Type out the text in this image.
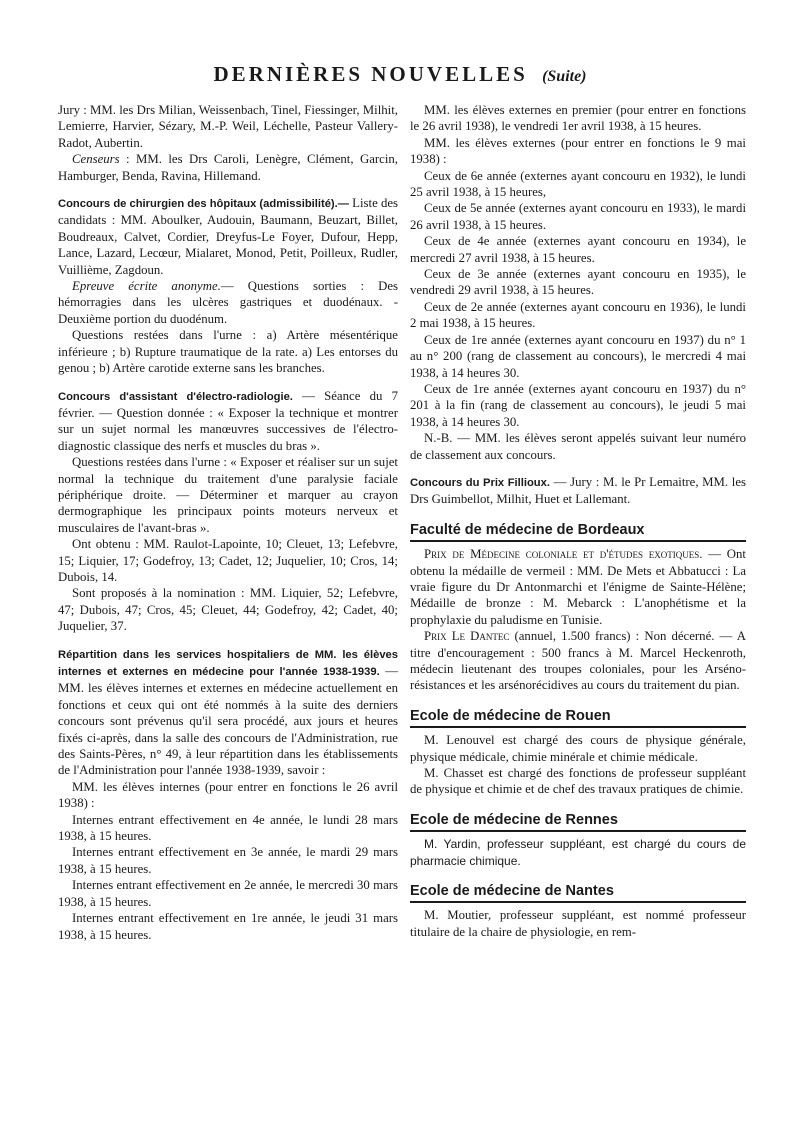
DERNIÈRES NOUVELLES (Suite)

Jury : MM. les Drs Milian, Weissenbach, Tinel, Fiessinger, Milhit, Lemierre, Harvier, Sézary, M.-P. Weil, Léchelle, Pasteur Vallery-Radot, Aubertin.

Censeurs : MM. les Drs Caroli, Lenègre, Clément, Garcin, Hamburger, Benda, Ravina, Hillemand.

Concours de chirurgien des hôpitaux (admissibilité).— Liste des candidats : MM. Aboulker, Audouin, Baumann, Beuzart, Billet, Boudreaux, Calvet, Cordier, Dreyfus-Le Foyer, Dufour, Hepp, Lance, Lazard, Lecœur, Mialaret, Monod, Petit, Poilleux, Rudler, Vuillième, Zagdoun.

Epreuve écrite anonyme.— Questions sorties : Des hémorragies dans les ulcères gastriques et duodénaux. - Deuxième portion du duodénum.

Questions restées dans l'urne : a) Artère mésentérique inférieure ; b) Rupture traumatique de la rate. a) Les entorses du genou ; b) Artère carotide externe sans les branches.

Concours d'assistant d'électro-radiologie. — Séance du 7 février. — Question donnée : « Exposer la technique et montrer sur un sujet normal les manœuvres successives de l'électro-diagnostic classique des nerfs et muscles du bras ».

Questions restées dans l'urne : « Exposer et réaliser sur un sujet normal la technique du traitement d'une paralysie faciale périphérique droite. — Déterminer et marquer au crayon dermographique les principaux points moteurs nerveux et musculaires de l'avant-bras ».

Ont obtenu : MM. Raulot-Lapointe, 10; Cleuet, 13; Lefebvre, 15; Liquier, 17; Godefroy, 13; Cadet, 12; Juquelier, 10; Cros, 14; Dubois, 14.

Sont proposés à la nomination : MM. Liquier, 52; Lefebvre, 47; Dubois, 47; Cros, 45; Cleuet, 44; Godefroy, 42; Cadet, 40; Juquelier, 37.

Répartition dans les services hospitaliers de MM. les élèves internes et externes en médecine pour l'année 1938-1939. — MM. les élèves internes et externes en médecine actuellement en fonctions et ceux qui ont été nommés à la suite des derniers concours sont prévenus qu'il sera procédé, aux jours et heures fixés ci-après, dans la salle des concours de l'Administration, rue des Saints-Pères, n° 49, à leur répartition dans les établissements de l'Administration pour l'année 1938-1939, savoir :

MM. les élèves internes (pour entrer en fonctions le 26 avril 1938) :

Internes entrant effectivement en 4e année, le lundi 28 mars 1938, à 15 heures.

Internes entrant effectivement en 3e année, le mardi 29 mars 1938, à 15 heures.

Internes entrant effectivement en 2e année, le mercredi 30 mars 1938, à 15 heures.

Internes entrant effectivement en 1re année, le jeudi 31 mars 1938, à 15 heures.

MM. les élèves externes en premier (pour entrer en fonctions le 26 avril 1938), le vendredi 1er avril 1938, à 15 heures.

MM. les élèves externes (pour entrer en fonctions le 9 mai 1938) :

Ceux de 6e année (externes ayant concouru en 1932), le lundi 25 avril 1938, à 15 heures,

Ceux de 5e année (externes ayant concouru en 1933), le mardi 26 avril 1938, à 15 heures.

Ceux de 4e année (externes ayant concouru en 1934), le mercredi 27 avril 1938, à 15 heures.

Ceux de 3e année (externes ayant concouru en 1935), le vendredi 29 avril 1938, à 15 heures.

Ceux de 2e année (externes ayant concouru en 1936), le lundi 2 mai 1938, à 15 heures.

Ceux de 1re année (externes ayant concouru en 1937) du n° 1 au n° 200 (rang de classement au concours), le mercredi 4 mai 1938, à 14 heures 30.

Ceux de 1re année (externes ayant concouru en 1937) du n° 201 à la fin (rang de classement au concours), le jeudi 5 mai 1938, à 14 heures 30.

N.-B. — MM. les élèves seront appelés suivant leur numéro de classement aux concours.

Concours du Prix Fillioux. — Jury : M. le Pr Lemaitre, MM. les Drs Guimbellot, Milhit, Huet et Lallemant.

Faculté de médecine de Bordeaux

Prix de Médecine coloniale et d'études exotiques. — Ont obtenu la médaille de vermeil : MM. De Mets et Abbatucci : La vraie figure du Dr Antonmarchi et l'énigme de Sainte-Hélène; Médaille de bronze : M. Mebarck : L'anophétisme et la prophylaxie du paludisme en Tunisie.

Prix Le Dantec (annuel, 1.500 francs) : Non décerné. — A titre d'encouragement : 500 francs à M. Marcel Heckenroth, médecin lieutenant des troupes coloniales, pour les Arséno-résistances et les arsénorécidives au cours du traitement du pian.

Ecole de médecine de Rouen

M. Lenouvel est chargé des cours de physique générale, physique médicale, chimie minérale et chimie médicale.

M. Chasset est chargé des fonctions de professeur suppléant de physique et chimie et de chef des travaux pratiques de chimie.

Ecole de médecine de Rennes

M. Yardin, professeur suppléant, est chargé du cours de pharmacie chimique.

Ecole de médecine de Nantes

M. Moutier, professeur suppléant, est nommé professeur titulaire de la chaire de physiologie, en rem-
